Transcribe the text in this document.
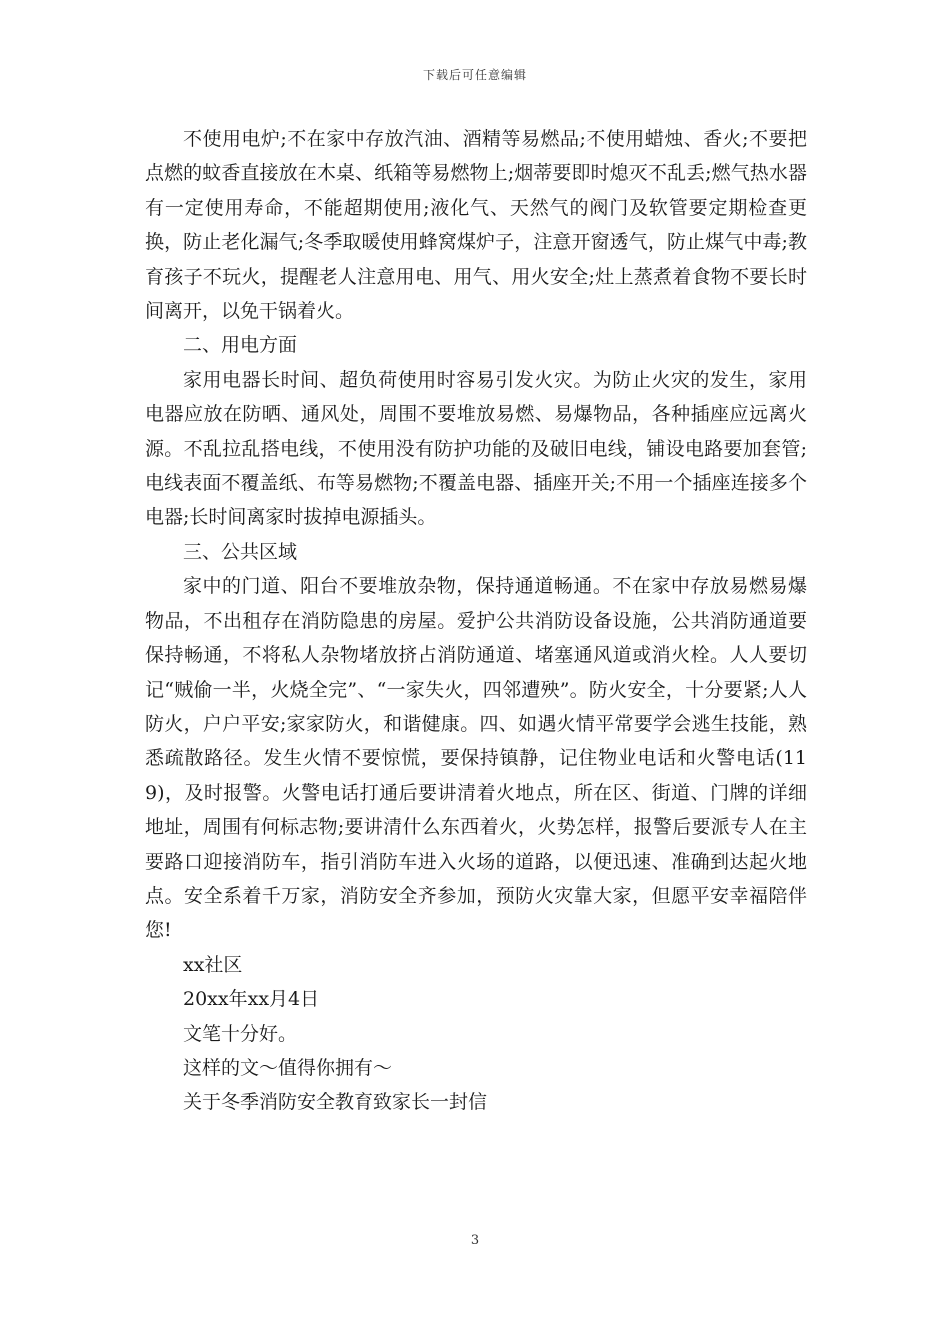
下载后可任意编辑

不使用电炉;不在家中存放汽油、酒精等易燃品;不使用蜡烛、香火;不要把点燃的蚊香直接放在木桌、纸箱等易燃物上;烟蒂要即时熄灭不乱丢;燃气热水器有一定使用寿命，不能超期使用;液化气、天然气的阀门及软管要定期检查更换，防止老化漏气;冬季取暖使用蜂窝煤炉子，注意开窗透气，防止煤气中毒;教育孩子不玩火，提醒老人注意用电、用气、用火安全;灶上蒸煮着食物不要长时间离开，以免干锅着火。

二、用电方面

家用电器长时间、超负荷使用时容易引发火灾。为防止火灾的发生，家用电器应放在防晒、通风处，周围不要堆放易燃、易爆物品，各种插座应远离火源。不乱拉乱搭电线，不使用没有防护功能的及破旧电线，铺设电路要加套管;电线表面不覆盖纸、布等易燃物;不覆盖电器、插座开关;不用一个插座连接多个电器;长时间离家时拔掉电源插头。

三、公共区域

家中的门道、阳台不要堆放杂物，保持通道畅通。不在家中存放易燃易爆物品，不出租存在消防隐患的房屋。爱护公共消防设备设施，公共消防通道要保持畅通，不将私人杂物堵放挤占消防通道、堵塞通风道或消火栓。人人要切记“贼偷一半，火烧全完”、“一家失火，四邻遭殃”。防火安全，十分要紧;人人防火，户户平安;家家防火，和谐健康。四、如遇火情平常要学会逃生技能，熟悉疏散路径。发生火情不要惊慌，要保持镇静，记住物业电话和火警电话(119)，及时报警。火警电话打通后要讲清着火地点，所在区、街道、门牌的详细地址，周围有何标志物;要讲清什么东西着火，火势怎样，报警后要派专人在主要路口迎接消防车，指引消防车进入火场的道路，以便迅速、准确到达起火地点。安全系着千万家，消防安全齐参加，预防火灾靠大家，但愿平安幸福陪伴您!

xx社区

20xx年xx月4日

文笔十分好。

这样的文～值得你拥有～

关于冬季消防安全教育致家长一封信

3
